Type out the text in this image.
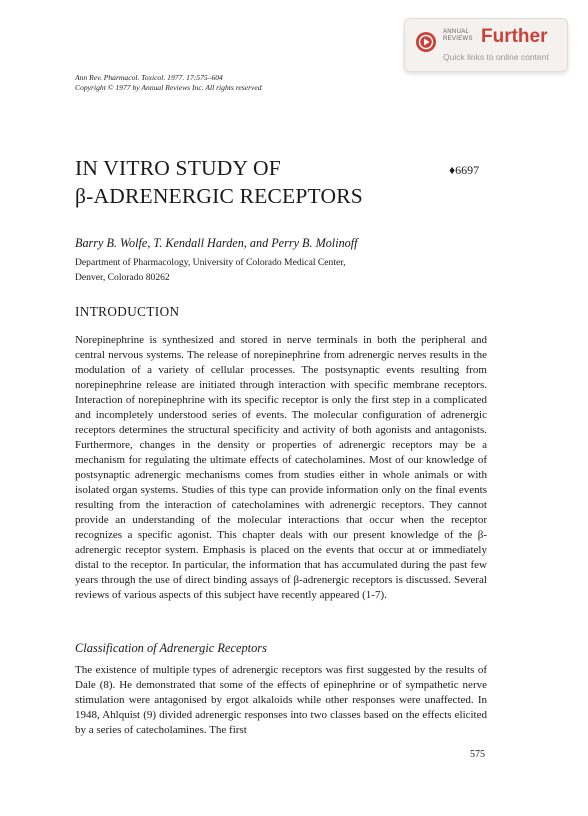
ANNUAL
REVIEWS Further
Quick links to online content
Ann Rev. Pharmacol. Toxicol. 1977. 17:575–604
Copyright © 1977 by Annual Reviews Inc. All rights reserved
IN VITRO STUDY OF
β-ADRENERGIC RECEPTORS
♦6697
Barry B. Wolfe, T. Kendall Harden, and Perry B. Molinoff
Department of Pharmacology, University of Colorado Medical Center,
Denver, Colorado 80262
INTRODUCTION
Norepinephrine is synthesized and stored in nerve terminals in both the peripheral and central nervous systems. The release of norepinephrine from adrenergic nerves results in the modulation of a variety of cellular processes. The postsynaptic events resulting from norepinephrine release are initiated through interaction with specific membrane receptors. Interaction of norepinephrine with its specific receptor is only the first step in a complicated and incompletely understood series of events. The molecular configuration of adrenergic receptors determines the structural specificity and activity of both agonists and antagonists. Furthermore, changes in the density or properties of adrenergic receptors may be a mechanism for regulating the ultimate effects of catecholamines. Most of our knowledge of postsynaptic adrenergic mechanisms comes from studies either in whole animals or with isolated organ systems. Studies of this type can provide information only on the final events resulting from the interaction of catecholamines with adrenergic receptors. They cannot provide an understanding of the molecular interactions that occur when the receptor recognizes a specific agonist. This chapter deals with our present knowledge of the β-adrenergic receptor system. Emphasis is placed on the events that occur at or immediately distal to the receptor. In particular, the information that has accumulated during the past few years through the use of direct binding assays of β-adrenergic receptors is discussed. Several reviews of various aspects of this subject have recently appeared (1-7).
Classification of Adrenergic Receptors
The existence of multiple types of adrenergic receptors was first suggested by the results of Dale (8). He demonstrated that some of the effects of epinephrine or of sympathetic nerve stimulation were antagonised by ergot alkaloids while other responses were unaffected. In 1948, Ahlquist (9) divided adrenergic responses into two classes based on the effects elicited by a series of catecholamines. The first
575
